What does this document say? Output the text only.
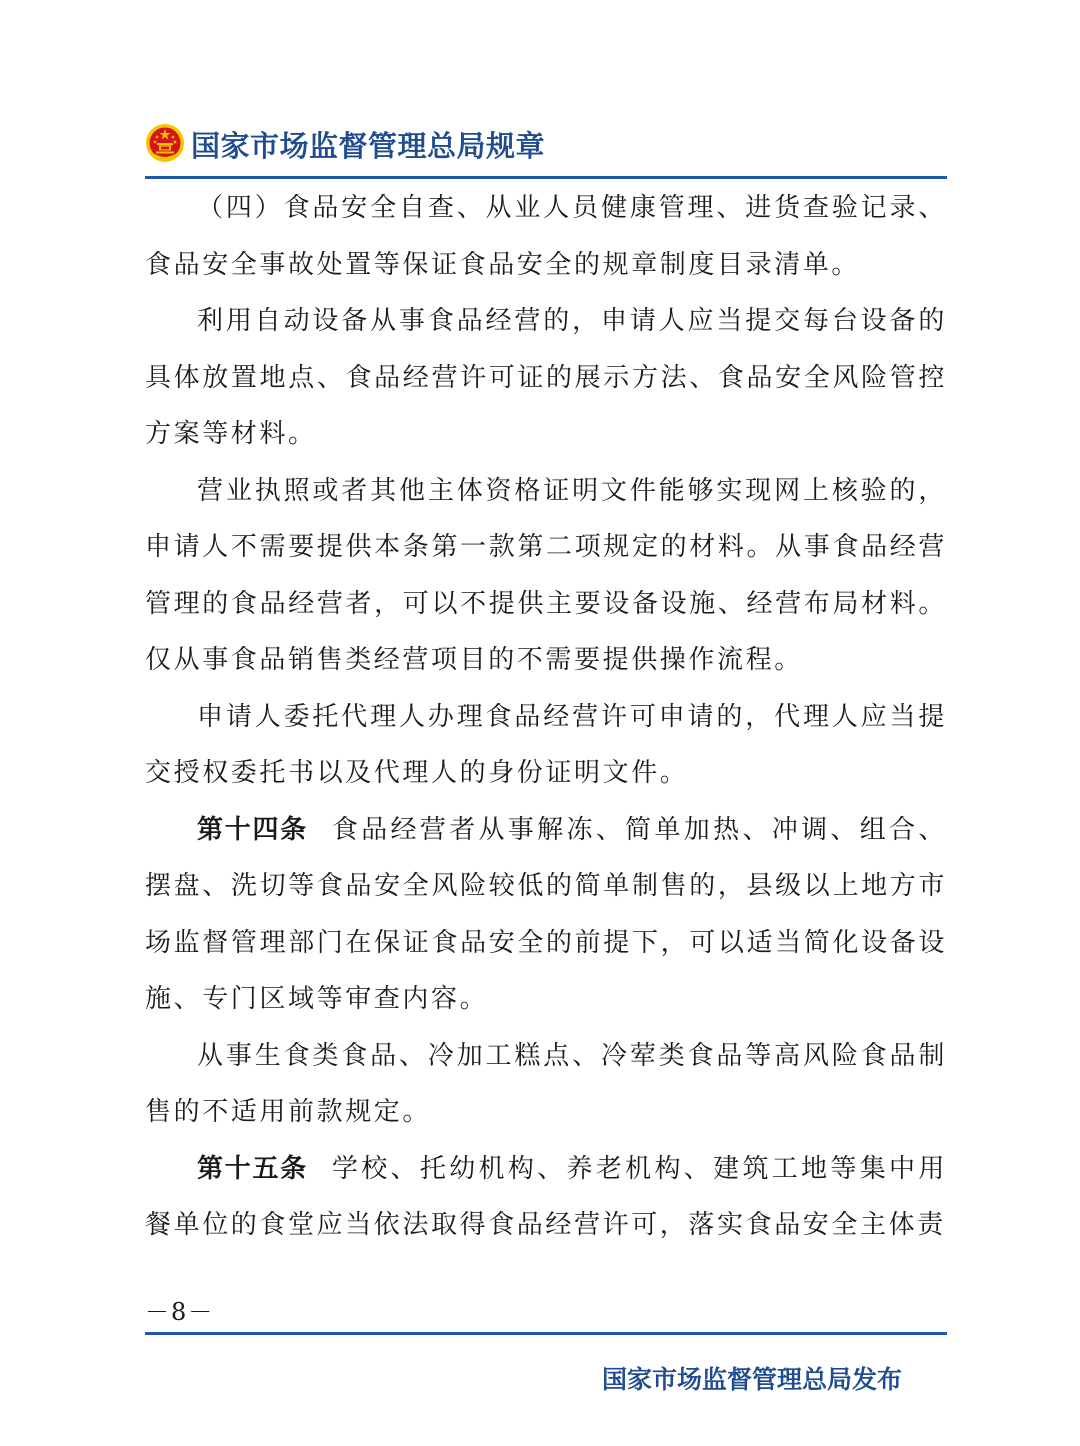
国家市场监督管理总局规章

（四）食品安全自查、从业人员健康管理、进货查验记录、食品安全事故处置等保证食品安全的规章制度目录清单。

利用自动设备从事食品经营的，申请人应当提交每台设备的具体放置地点、食品经营许可证的展示方法、食品安全风险管控方案等材料。

营业执照或者其他主体资格证明文件能够实现网上核验的，申请人不需要提供本条第一款第二项规定的材料。从事食品经营管理的食品经营者，可以不提供主要设备设施、经营布局材料。仅从事食品销售类经营项目的不需要提供操作流程。

申请人委托代理人办理食品经营许可申请的，代理人应当提交授权委托书以及代理人的身份证明文件。

第十四条 食品经营者从事解冻、简单加热、冲调、组合、摆盘、洗切等食品安全风险较低的简单制售的，县级以上地方市场监督管理部门在保证食品安全的前提下，可以适当简化设备设施、专门区域等审查内容。

从事生食类食品、冷加工糕点、冷荤类食品等高风险食品制售的不适用前款规定。

第十五条 学校、托幼机构、养老机构、建筑工地等集中用餐单位的食堂应当依法取得食品经营许可，落实食品安全主体责

－8－
国家市场监督管理总局发布
